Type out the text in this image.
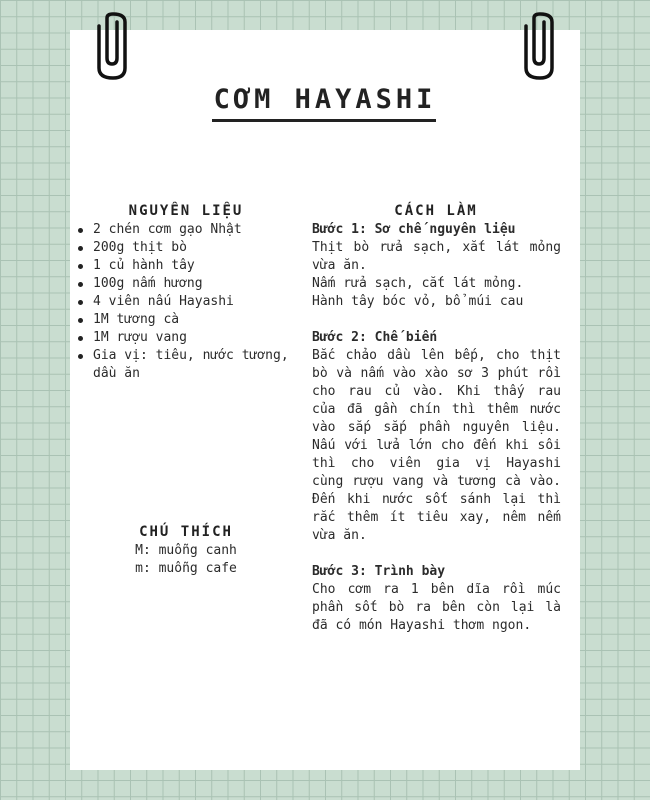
CƠM HAYASHI
NGUYÊN LIỆU
2 chén cơm gạo Nhật
200g thịt bò
1 củ hành tây
100g nấm hương
4 viên nấu Hayashi
1M tương cà
1M rượu vang
Gia vị: tiêu, nước tương, dầu ăn
CHÚ THÍCH
M: muỗng canh
m: muỗng cafe
CÁCH LÀM
Bước 1: Sơ chế nguyên liệu
Thịt bò rửa sạch, xắt lát mỏng vừa ăn.
Nấm rửa sạch, cắt lát mỏng.
Hành tây bóc vỏ, bổ múi cau
Bước 2: Chế biến
Bắc chảo dầu lên bếp, cho thịt bò và nấm vào xào sơ 3 phút rồi cho rau củ vào. Khi thấy rau của đã gần chín thì thêm nước vào sắp sắp phần nguyên liệu. Nấu với lửa lớn cho đến khi sôi thì cho viên gia vị Hayashi cùng rượu vang và tương cà vào. Đến khi nước sốt sánh lại thì rắc thêm ít tiêu xay, nêm nếm vừa ăn.
Bước 3: Trình bày
Cho cơm ra 1 bên dĩa rồi múc phần sốt bò ra bên còn lại là đã có món Hayashi thơm ngon.
